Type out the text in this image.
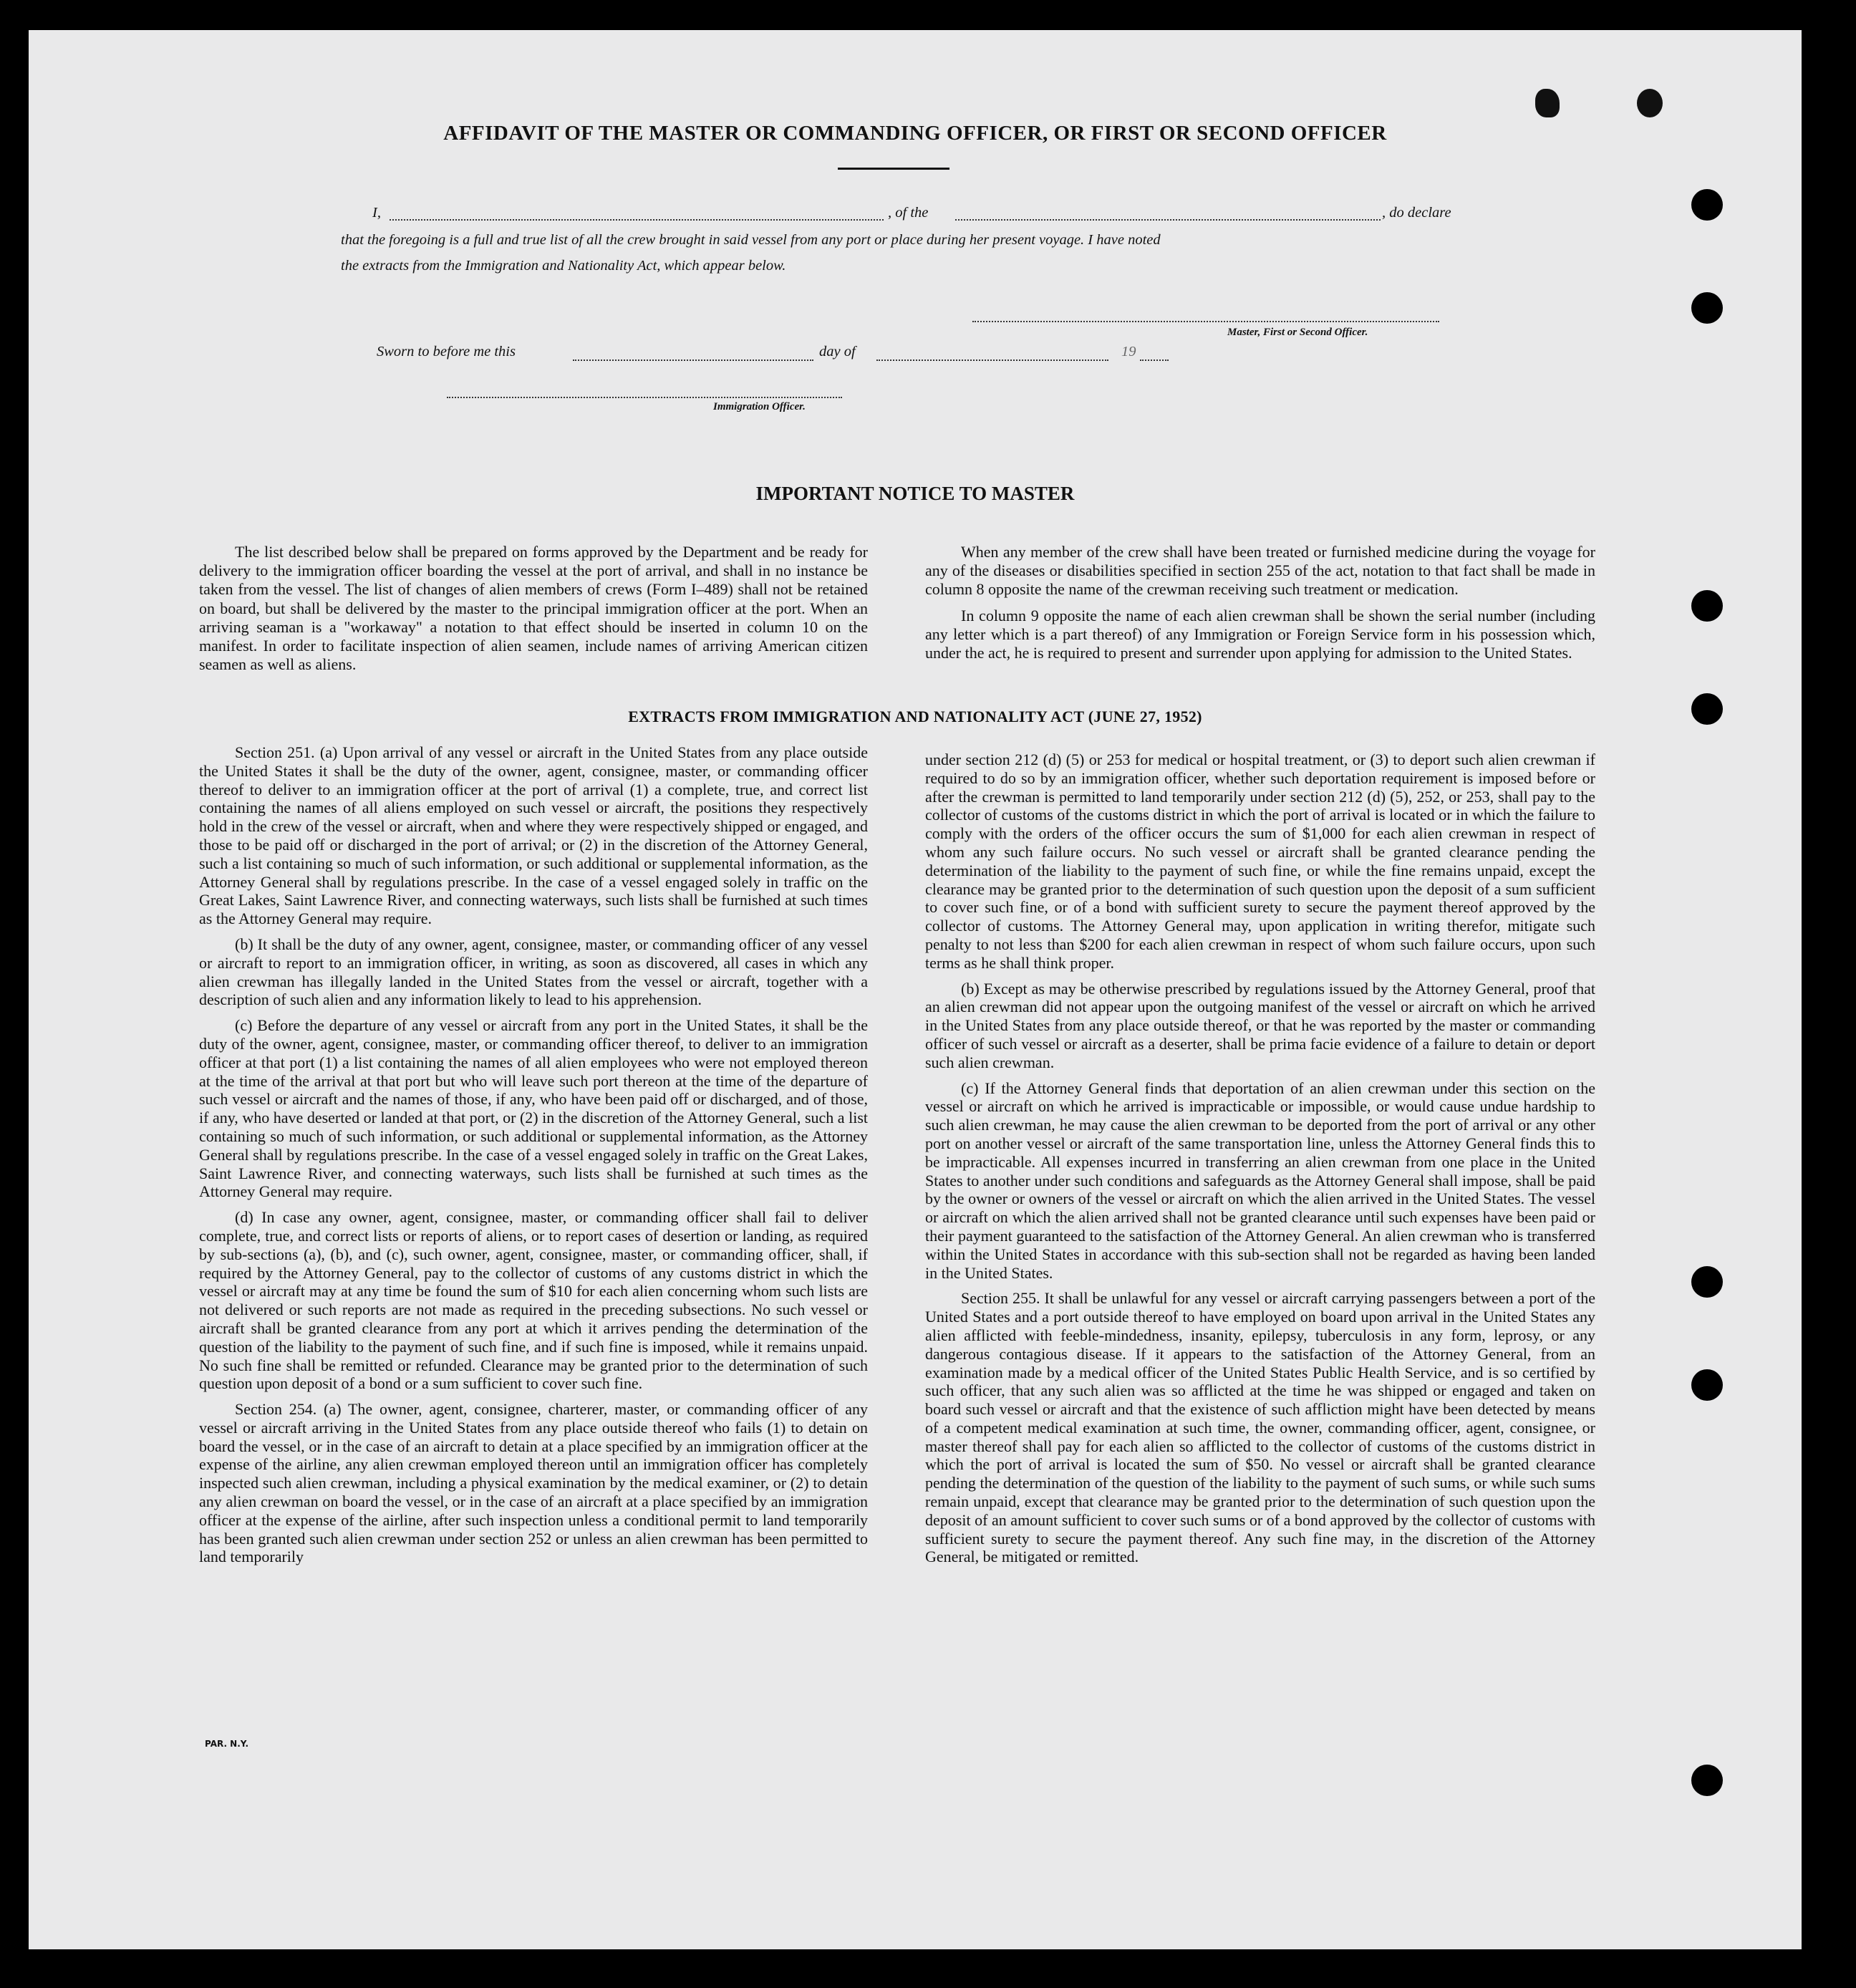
AFFIDAVIT OF THE MASTER OR COMMANDING OFFICER, OR FIRST OR SECOND OFFICER
I,	, of the	, do declare
that the foregoing is a full and true list of all the crew brought in said vessel from any port or place during her present voyage. I have noted
the extracts from the Immigration and Nationality Act, which appear below.
Master, First or Second Officer.
Sworn to before me this	day of	19
Immigration Officer.
IMPORTANT NOTICE TO MASTER

The list described below shall be prepared on forms approved by the Department and be ready for delivery to the immigration officer boarding the vessel at the port of arrival, and shall in no instance be taken from the vessel. The list of changes of alien members of crews (Form I–489) shall not be retained on board, but shall be delivered by the master to the principal immigration officer at the port. When an arriving seaman is a "workaway" a notation to that effect should be inserted in column 10 on the manifest. In order to facilitate inspection of alien seamen, include names of arriving American citizen seamen as well as aliens.

When any member of the crew shall have been treated or furnished medicine during the voyage for any of the diseases or disabilities specified in section 255 of the act, notation to that fact shall be made in column 8 opposite the name of the crewman receiving such treatment or medication.

In column 9 opposite the name of each alien crewman shall be shown the serial number (including any letter which is a part thereof) of any Immigration or Foreign Service form in his possession which, under the act, he is required to present and surrender upon applying for admission to the United States.

EXTRACTS FROM IMMIGRATION AND NATIONALITY ACT (JUNE 27, 1952)

Section 251. (a) Upon arrival of any vessel or aircraft in the United States from any place outside the United States it shall be the duty of the owner, agent, consignee, master, or commanding officer thereof to deliver to an immigration officer at the port of arrival (1) a complete, true, and correct list containing the names of all aliens employed on such vessel or aircraft, the positions they respectively hold in the crew of the vessel or aircraft, when and where they were respectively shipped or engaged, and those to be paid off or discharged in the port of arrival; or (2) in the discretion of the Attorney General, such a list containing so much of such information, or such additional or supplemental information, as the Attorney General shall by regulations prescribe. In the case of a vessel engaged solely in traffic on the Great Lakes, Saint Lawrence River, and connecting waterways, such lists shall be furnished at such times as the Attorney General may require.

(b) It shall be the duty of any owner, agent, consignee, master, or commanding officer of any vessel or aircraft to report to an immigration officer, in writing, as soon as discovered, all cases in which any alien crewman has illegally landed in the United States from the vessel or aircraft, together with a description of such alien and any information likely to lead to his apprehension.

(c) Before the departure of any vessel or aircraft from any port in the United States, it shall be the duty of the owner, agent, consignee, master, or commanding officer thereof, to deliver to an immigration officer at that port (1) a list containing the names of all alien employees who were not employed thereon at the time of the arrival at that port but who will leave such port thereon at the time of the departure of such vessel or aircraft and the names of those, if any, who have been paid off or discharged, and of those, if any, who have deserted or landed at that port, or (2) in the discretion of the Attorney General, such a list containing so much of such information, or such additional or supplemental information, as the Attorney General shall by regulations prescribe. In the case of a vessel engaged solely in traffic on the Great Lakes, Saint Lawrence River, and connecting waterways, such lists shall be furnished at such times as the Attorney General may require.

(d) In case any owner, agent, consignee, master, or commanding officer shall fail to deliver complete, true, and correct lists or reports of aliens, or to report cases of desertion or landing, as required by sub-sections (a), (b), and (c), such owner, agent, consignee, master, or commanding officer, shall, if required by the Attorney General, pay to the collector of customs of any customs district in which the vessel or aircraft may at any time be found the sum of $10 for each alien concerning whom such lists are not delivered or such reports are not made as required in the preceding subsections. No such vessel or aircraft shall be granted clearance from any port at which it arrives pending the determination of the question of the liability to the payment of such fine, and if such fine is imposed, while it remains unpaid. No such fine shall be remitted or refunded. Clearance may be granted prior to the determination of such question upon deposit of a bond or a sum sufficient to cover such fine.

Section 254. (a) The owner, agent, consignee, charterer, master, or commanding officer of any vessel or aircraft arriving in the United States from any place outside thereof who fails (1) to detain on board the vessel, or in the case of an aircraft to detain at a place specified by an immigration officer at the expense of the airline, any alien crewman employed thereon until an immigration officer has completely inspected such alien crewman, including a physical examination by the medical examiner, or (2) to detain any alien crewman on board the vessel, or in the case of an aircraft at a place specified by an immigration officer at the expense of the airline, after such inspection unless a conditional permit to land temporarily has been granted such alien crewman under section 252 or unless an alien crewman has been permitted to land temporarily

under section 212 (d) (5) or 253 for medical or hospital treatment, or (3) to deport such alien crewman if required to do so by an immigration officer, whether such deportation requirement is imposed before or after the crewman is permitted to land temporarily under section 212 (d) (5), 252, or 253, shall pay to the collector of customs of the customs district in which the port of arrival is located or in which the failure to comply with the orders of the officer occurs the sum of $1,000 for each alien crewman in respect of whom any such failure occurs. No such vessel or aircraft shall be granted clearance pending the determination of the liability to the payment of such fine, or while the fine remains unpaid, except the clearance may be granted prior to the determination of such question upon the deposit of a sum sufficient to cover such fine, or of a bond with sufficient surety to secure the payment thereof approved by the collector of customs. The Attorney General may, upon application in writing therefor, mitigate such penalty to not less than $200 for each alien crewman in respect of whom such failure occurs, upon such terms as he shall think proper.

(b) Except as may be otherwise prescribed by regulations issued by the Attorney General, proof that an alien crewman did not appear upon the outgoing manifest of the vessel or aircraft on which he arrived in the United States from any place outside thereof, or that he was reported by the master or commanding officer of such vessel or aircraft as a deserter, shall be prima facie evidence of a failure to detain or deport such alien crewman.

(c) If the Attorney General finds that deportation of an alien crewman under this section on the vessel or aircraft on which he arrived is impracticable or impossible, or would cause undue hardship to such alien crewman, he may cause the alien crewman to be deported from the port of arrival or any other port on another vessel or aircraft of the same transportation line, unless the Attorney General finds this to be impracticable. All expenses incurred in transferring an alien crewman from one place in the United States to another under such conditions and safeguards as the Attorney General shall impose, shall be paid by the owner or owners of the vessel or aircraft on which the alien arrived in the United States. The vessel or aircraft on which the alien arrived shall not be granted clearance until such expenses have been paid or their payment guaranteed to the satisfaction of the Attorney General. An alien crewman who is transferred within the United States in accordance with this sub-section shall not be regarded as having been landed in the United States.

Section 255. It shall be unlawful for any vessel or aircraft carrying passengers between a port of the United States and a port outside thereof to have employed on board upon arrival in the United States any alien afflicted with feeble-mindedness, insanity, epilepsy, tuberculosis in any form, leprosy, or any dangerous contagious disease. If it appears to the satisfaction of the Attorney General, from an examination made by a medical officer of the United States Public Health Service, and is so certified by such officer, that any such alien was so afflicted at the time he was shipped or engaged and taken on board such vessel or aircraft and that the existence of such affliction might have been detected by means of a competent medical examination at such time, the owner, commanding officer, agent, consignee, or master thereof shall pay for each alien so afflicted to the collector of customs of the customs district in which the port of arrival is located the sum of $50. No vessel or aircraft shall be granted clearance pending the determination of the question of the liability to the payment of such sums, or while such sums remain unpaid, except that clearance may be granted prior to the determination of such question upon the deposit of an amount sufficient to cover such sums or of a bond approved by the collector of customs with sufficient surety to secure the payment thereof. Any such fine may, in the discretion of the Attorney General, be mitigated or remitted.

PAR. N.Y.
